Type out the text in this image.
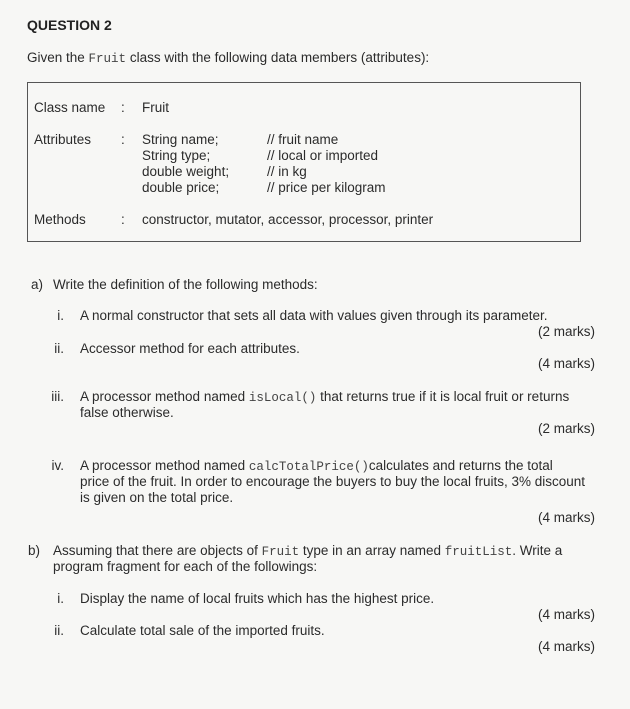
QUESTION 2
Given the Fruit class with the following data members (attributes):
Class name : Fruit
Attributes : String name;	// fruit name
String type;	// local or imported
double weight;	// in kg
double price;	// price per kilogram
Methods	: constructor, mutator, accessor, processor, printer
a) Write the definition of the following methods:
i. A normal constructor that sets all data with values given through its parameter.
(2 marks)
ii. Accessor method for each attributes.
(4 marks)
iii. A processor method named isLocal() that returns true if it is local fruit or returns
false otherwise.
(2 marks)
iv. A processor method named calcTotalPrice()calculates and returns the total
price of the fruit. In order to encourage the buyers to buy the local fruits, 3% discount
is given on the total price.
(4 marks)
b) Assuming that there are objects of Fruit type in an array named fruitList. Write a
program fragment for each of the followings:
i. Display the name of local fruits which has the highest price.
(4 marks)
ii. Calculate total sale of the imported fruits.
(4 marks)
